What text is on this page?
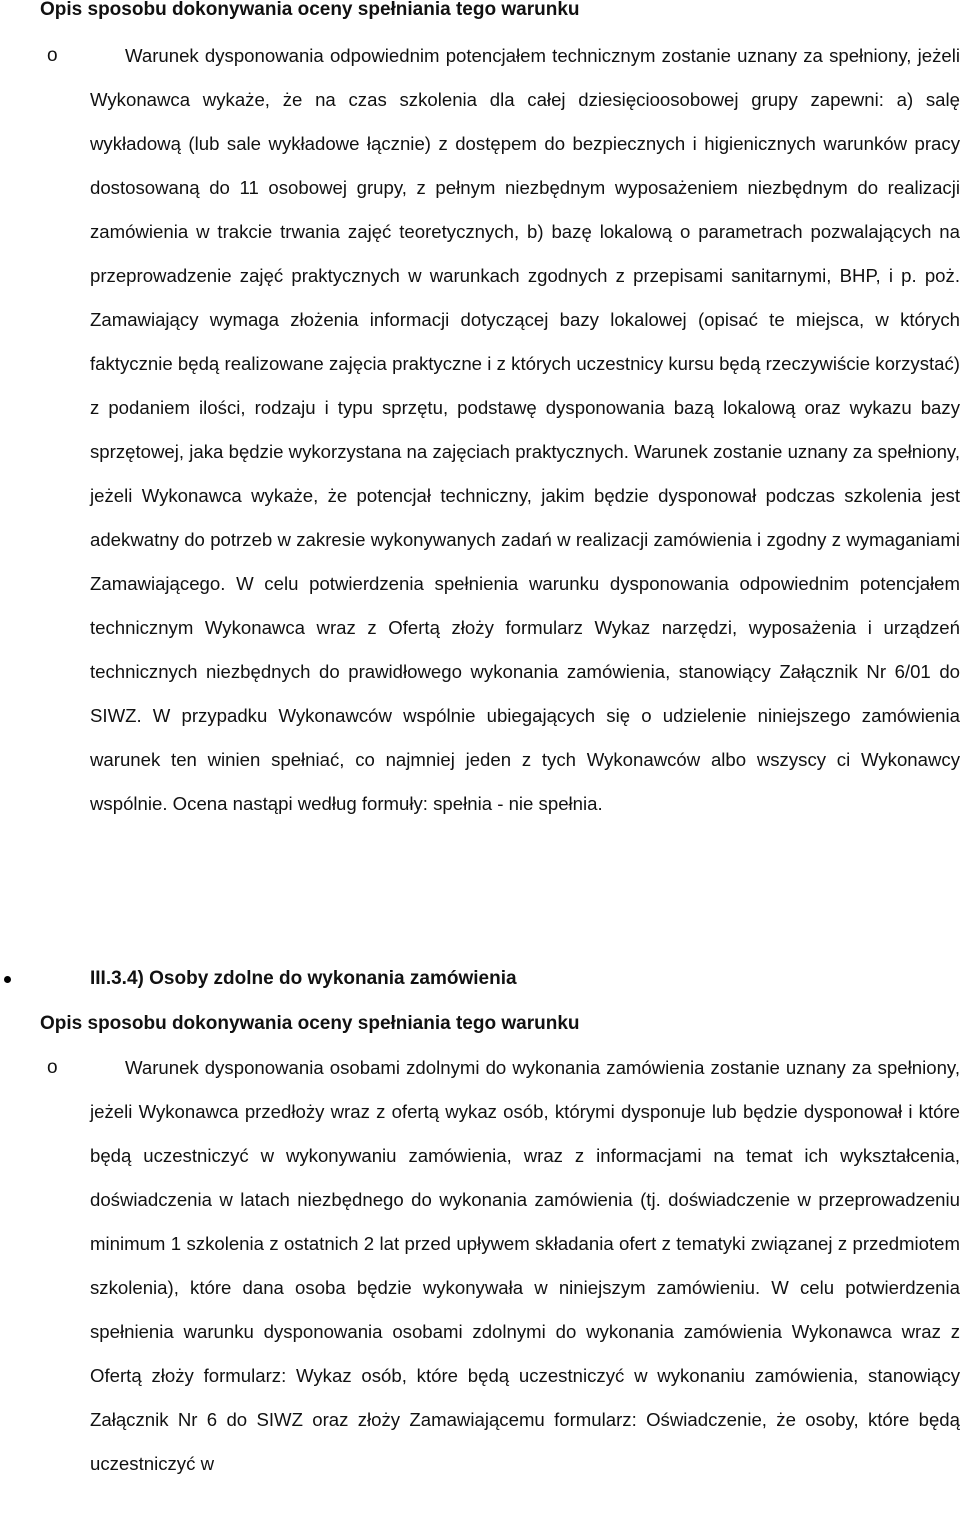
Opis sposobu dokonywania oceny spełniania tego warunku
o	Warunek dysponowania odpowiednim potencjałem technicznym zostanie uznany za spełniony, jeżeli Wykonawca wykaże, że na czas szkolenia dla całej dziesięcioosobowej grupy zapewni: a) salę wykładową (lub sale wykładowe łącznie) z dostępem do bezpiecznych i higienicznych warunków pracy dostosowaną do 11 osobowej grupy, z pełnym niezbędnym wyposażeniem niezbędnym do realizacji zamówienia w trakcie trwania zajęć teoretycznych, b) bazę lokalową o parametrach pozwalających na przeprowadzenie zajęć praktycznych w warunkach zgodnych z przepisami sanitarnymi, BHP, i p. poż. Zamawiający wymaga złożenia informacji dotyczącej bazy lokalowej (opisać te miejsca, w których faktycznie będą realizowane zajęcia praktyczne i z których uczestnicy kursu będą rzeczywiście korzystać) z podaniem ilości, rodzaju i typu sprzętu, podstawę dysponowania bazą lokalową oraz wykazu bazy sprzętowej, jaka będzie wykorzystana na zajęciach praktycznych. Warunek zostanie uznany za spełniony, jeżeli Wykonawca wykaże, że potencjał techniczny, jakim będzie dysponował podczas szkolenia jest adekwatny do potrzeb w zakresie wykonywanych zadań w realizacji zamówienia i zgodny z wymaganiami Zamawiającego. W celu potwierdzenia spełnienia warunku dysponowania odpowiednim potencjałem technicznym Wykonawca wraz z Ofertą złoży formularz Wykaz narzędzi, wyposażenia i urządzeń technicznych niezbędnych do prawidłowego wykonania zamówienia, stanowiący Załącznik Nr 6/01 do SIWZ. W przypadku Wykonawców wspólnie ubiegających się o udzielenie niniejszego zamówienia warunek ten winien spełniać, co najmniej jeden z tych Wykonawców albo wszyscy ci Wykonawcy wspólnie. Ocena nastąpi według formuły: spełnia - nie spełnia.

III.3.4) Osoby zdolne do wykonania zamówienia
Opis sposobu dokonywania oceny spełniania tego warunku
o	Warunek dysponowania osobami zdolnymi do wykonania zamówienia zostanie uznany za spełniony, jeżeli Wykonawca przedłoży wraz z ofertą wykaz osób, którymi dysponuje lub będzie dysponował i które będą uczestniczyć w wykonywaniu zamówienia, wraz z informacjami na temat ich wykształcenia, doświadczenia w latach niezbędnego do wykonania zamówienia (tj. doświadczenie w przeprowadzeniu minimum 1 szkolenia z ostatnich 2 lat przed upływem składania ofert z tematyki związanej z przedmiotem szkolenia), które dana osoba będzie wykonywała w niniejszym zamówieniu. W celu potwierdzenia spełnienia warunku dysponowania osobami zdolnymi do wykonania zamówienia Wykonawca wraz z Ofertą złoży formularz: Wykaz osób, które będą uczestniczyć w wykonaniu zamówienia, stanowiący Załącznik Nr 6 do SIWZ oraz złoży Zamawiającemu formularz: Oświadczenie, że osoby, które będą uczestniczyć w
